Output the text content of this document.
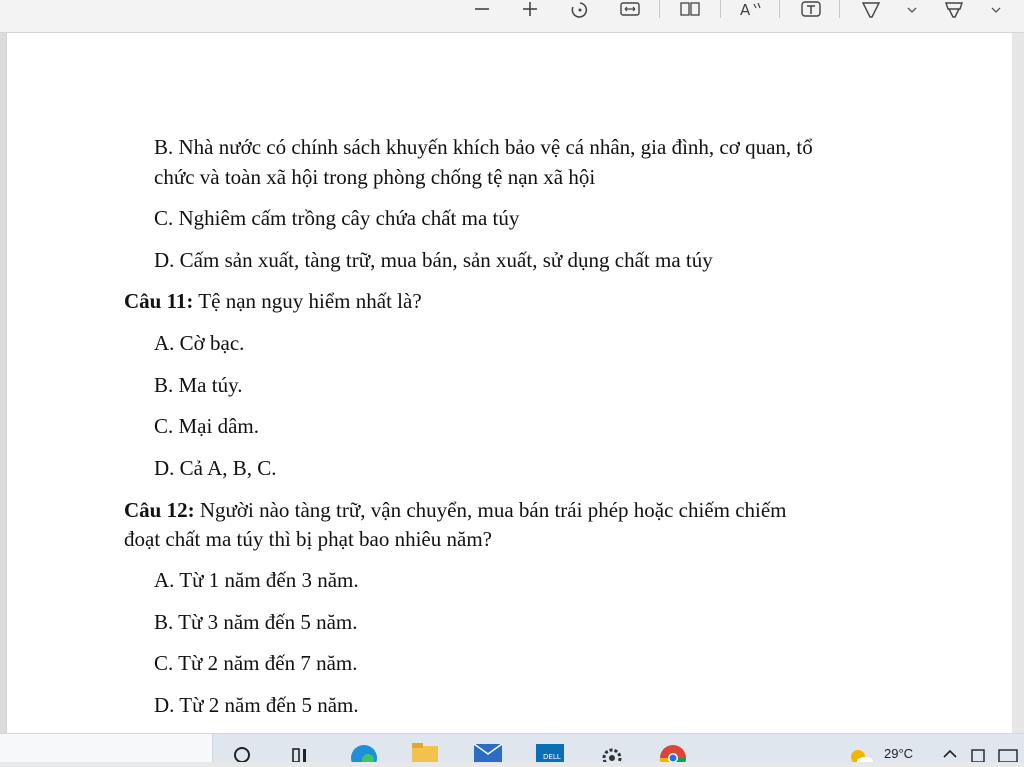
A
B. Nhà nước có chính sách khuyến khích bảo vệ cá nhân, gia đình, cơ quan, tổ
chức và toàn xã hội trong phòng chống tệ nạn xã hội
C. Nghiêm cấm trồng cây chứa chất ma túy
D. Cấm sản xuất, tàng trữ, mua bán, sản xuất, sử dụng chất ma túy
Câu 11: Tệ nạn nguy hiểm nhất là?
A. Cờ bạc.
B. Ma túy.
C. Mại dâm.
D. Cả A, B, C.
Câu 12: Người nào tàng trữ, vận chuyển, mua bán trái phép hoặc chiếm chiếm
đoạt chất ma túy thì bị phạt bao nhiêu năm?
A. Từ 1 năm đến 3 năm.
B. Từ 3 năm đến 5 năm.
C. Từ 2 năm đến 7 năm.
D. Từ 2 năm đến 5 năm.
DELL	29°C
